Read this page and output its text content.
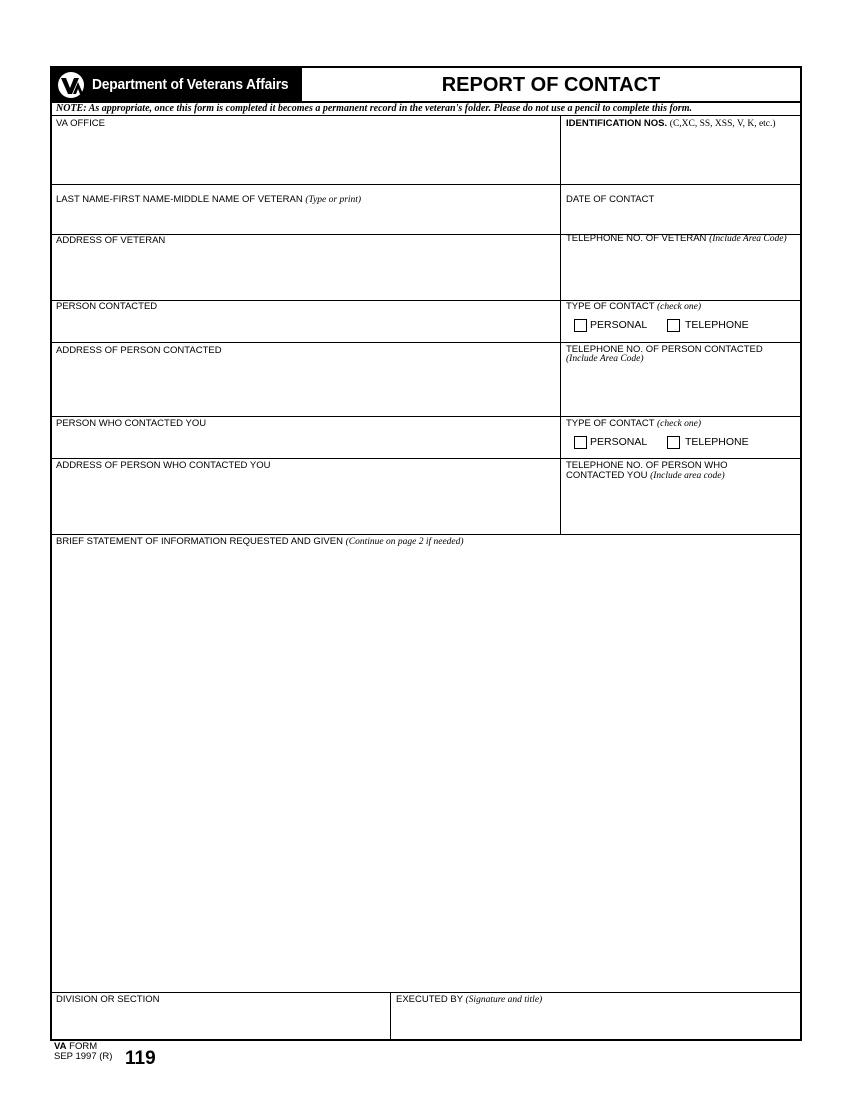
Department of Veterans Affairs	REPORT OF CONTACT
NOTE: As appropriate, once this form is completed it becomes a permanent record in the veteran's folder. Please do not use a pencil to complete this form.
VA OFFICE	IDENTIFICATION NOS. (C,XC, SS, XSS, V, K, etc.)
LAST NAME-FIRST NAME-MIDDLE NAME OF VETERAN (Type or print)	DATE OF CONTACT
ADDRESS OF VETERAN	TELEPHONE NO. OF VETERAN (Include Area Code)
PERSON CONTACTED	TYPE OF CONTACT (check one)
PERSONAL	TELEPHONE
ADDRESS OF PERSON CONTACTED	TELEPHONE NO. OF PERSON CONTACTED
(Include Area Code)
PERSON WHO CONTACTED YOU	TYPE OF CONTACT (check one)
PERSONAL	TELEPHONE
ADDRESS OF PERSON WHO CONTACTED YOU	TELEPHONE NO. OF PERSON WHO
CONTACTED YOU (Include area code)
BRIEF STATEMENT OF INFORMATION REQUESTED AND GIVEN (Continue on page 2 if needed)
DIVISION OR SECTION	EXECUTED BY (Signature and title)
VA FORM
SEP 1997 (R) 119
